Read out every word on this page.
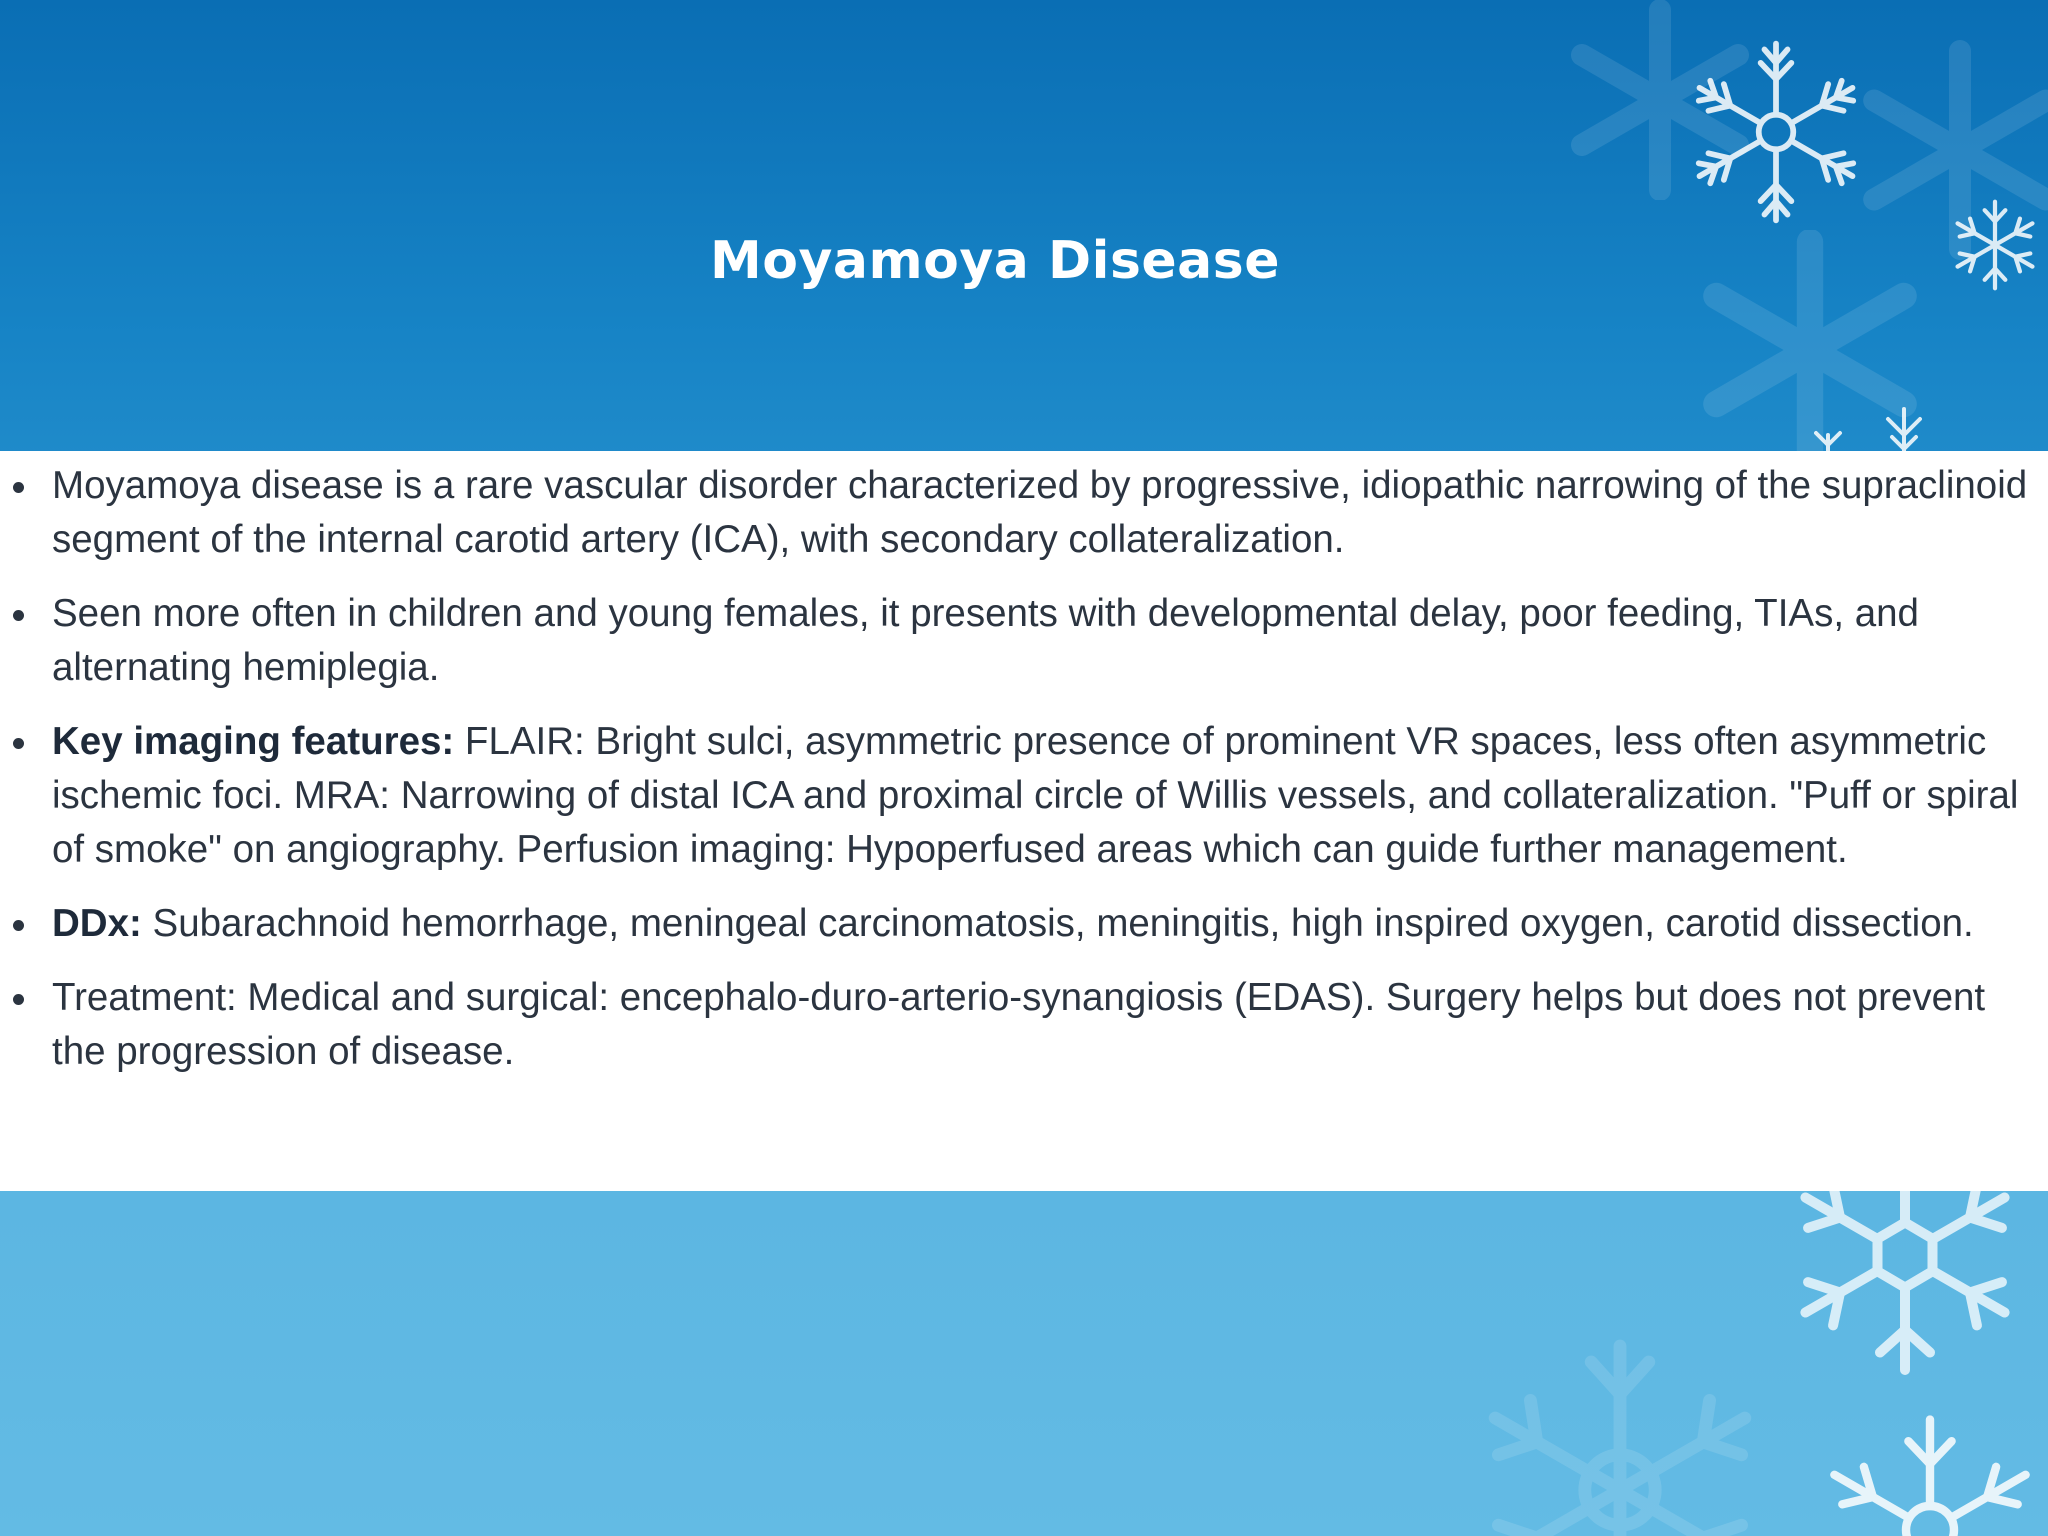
Moyamoya Disease
Moyamoya disease is a rare vascular disorder characterized by progressive, idiopathic narrowing of the supraclinoid segment of the internal carotid artery (ICA), with secondary collateralization.
Seen more often in children and young females, it presents with developmental delay, poor feeding, TIAs, and alternating hemiplegia.
Key imaging features: FLAIR: Bright sulci, asymmetric presence of prominent VR spaces, less often asymmetric ischemic foci. MRA: Narrowing of distal ICA and proximal circle of Willis vessels, and collateralization. "Puff or spiral of smoke" on angiography. Perfusion imaging: Hypoperfused areas which can guide further management.
DDx: Subarachnoid hemorrhage, meningeal carcinomatosis, meningitis, high inspired oxygen, carotid dissection.
Treatment: Medical and surgical: encephalo-duro-arterio-synangiosis (EDAS). Surgery helps but does not prevent the progression of disease.
